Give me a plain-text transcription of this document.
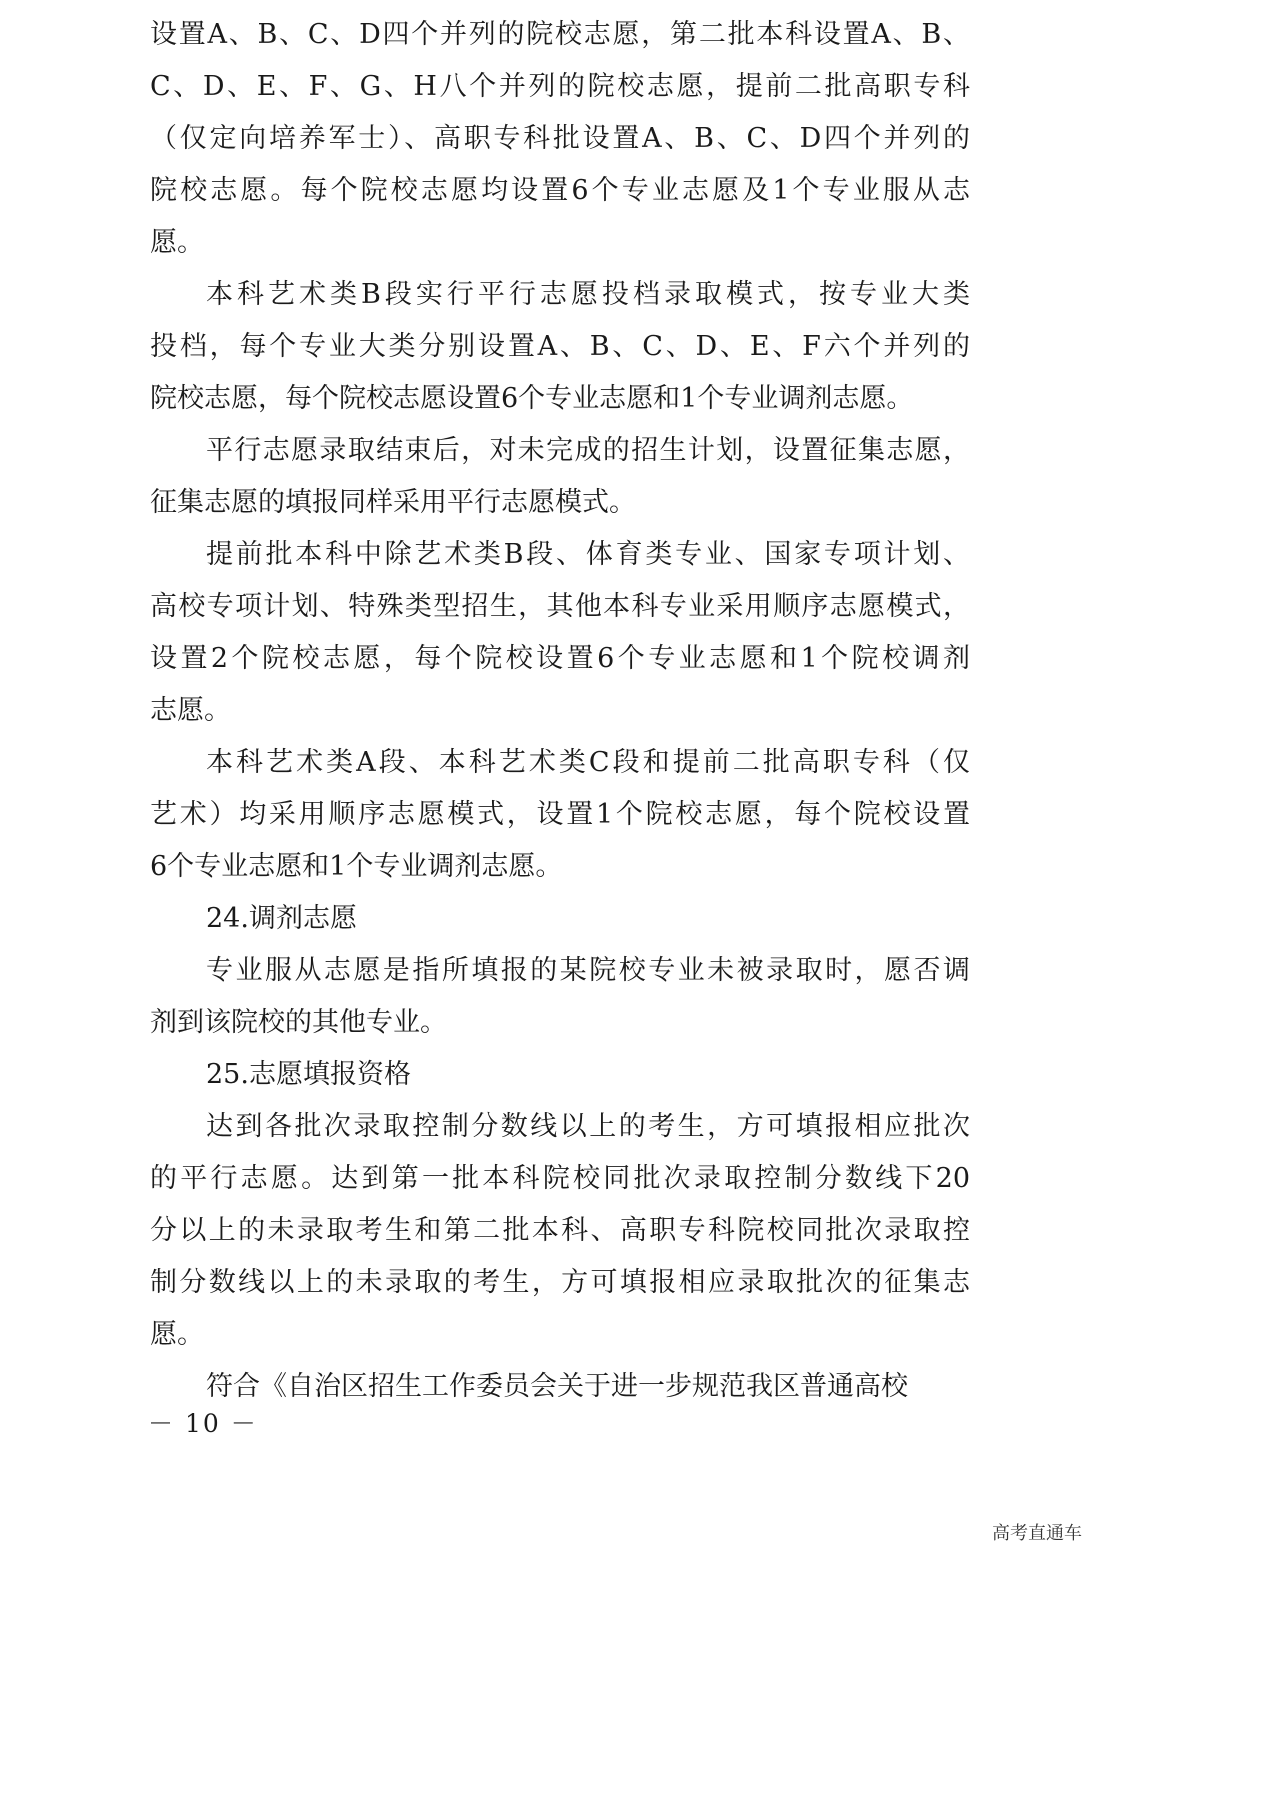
设置A、B、C、D四个并列的院校志愿，第二批本科设置A、B、
C、D、E、F、G、H八个并列的院校志愿，提前二批高职专科
（仅定向培养军士）、高职专科批设置A、B、C、D四个并列的
院校志愿。每个院校志愿均设置6个专业志愿及1个专业服从志
愿。
本科艺术类B段实行平行志愿投档录取模式，按专业大类
投档，每个专业大类分别设置A、B、C、D、E、F六个并列的
院校志愿，每个院校志愿设置6个专业志愿和1个专业调剂志愿。
平行志愿录取结束后，对未完成的招生计划，设置征集志愿，
征集志愿的填报同样采用平行志愿模式。
提前批本科中除艺术类B段、体育类专业、国家专项计划、
高校专项计划、特殊类型招生，其他本科专业采用顺序志愿模式，
设置2个院校志愿，每个院校设置6个专业志愿和1个院校调剂
志愿。
本科艺术类A段、本科艺术类C段和提前二批高职专科（仅
艺术）均采用顺序志愿模式，设置1个院校志愿，每个院校设置
6个专业志愿和1个专业调剂志愿。
24.调剂志愿
专业服从志愿是指所填报的某院校专业未被录取时，愿否调
剂到该院校的其他专业。
25.志愿填报资格
达到各批次录取控制分数线以上的考生，方可填报相应批次
的平行志愿。达到第一批本科院校同批次录取控制分数线下20
分以上的未录取考生和第二批本科、高职专科院校同批次录取控
制分数线以上的未录取的考生，方可填报相应录取批次的征集志
愿。
符合《自治区招生工作委员会关于进一步规范我区普通高校
－ 10 －
高考直通车
